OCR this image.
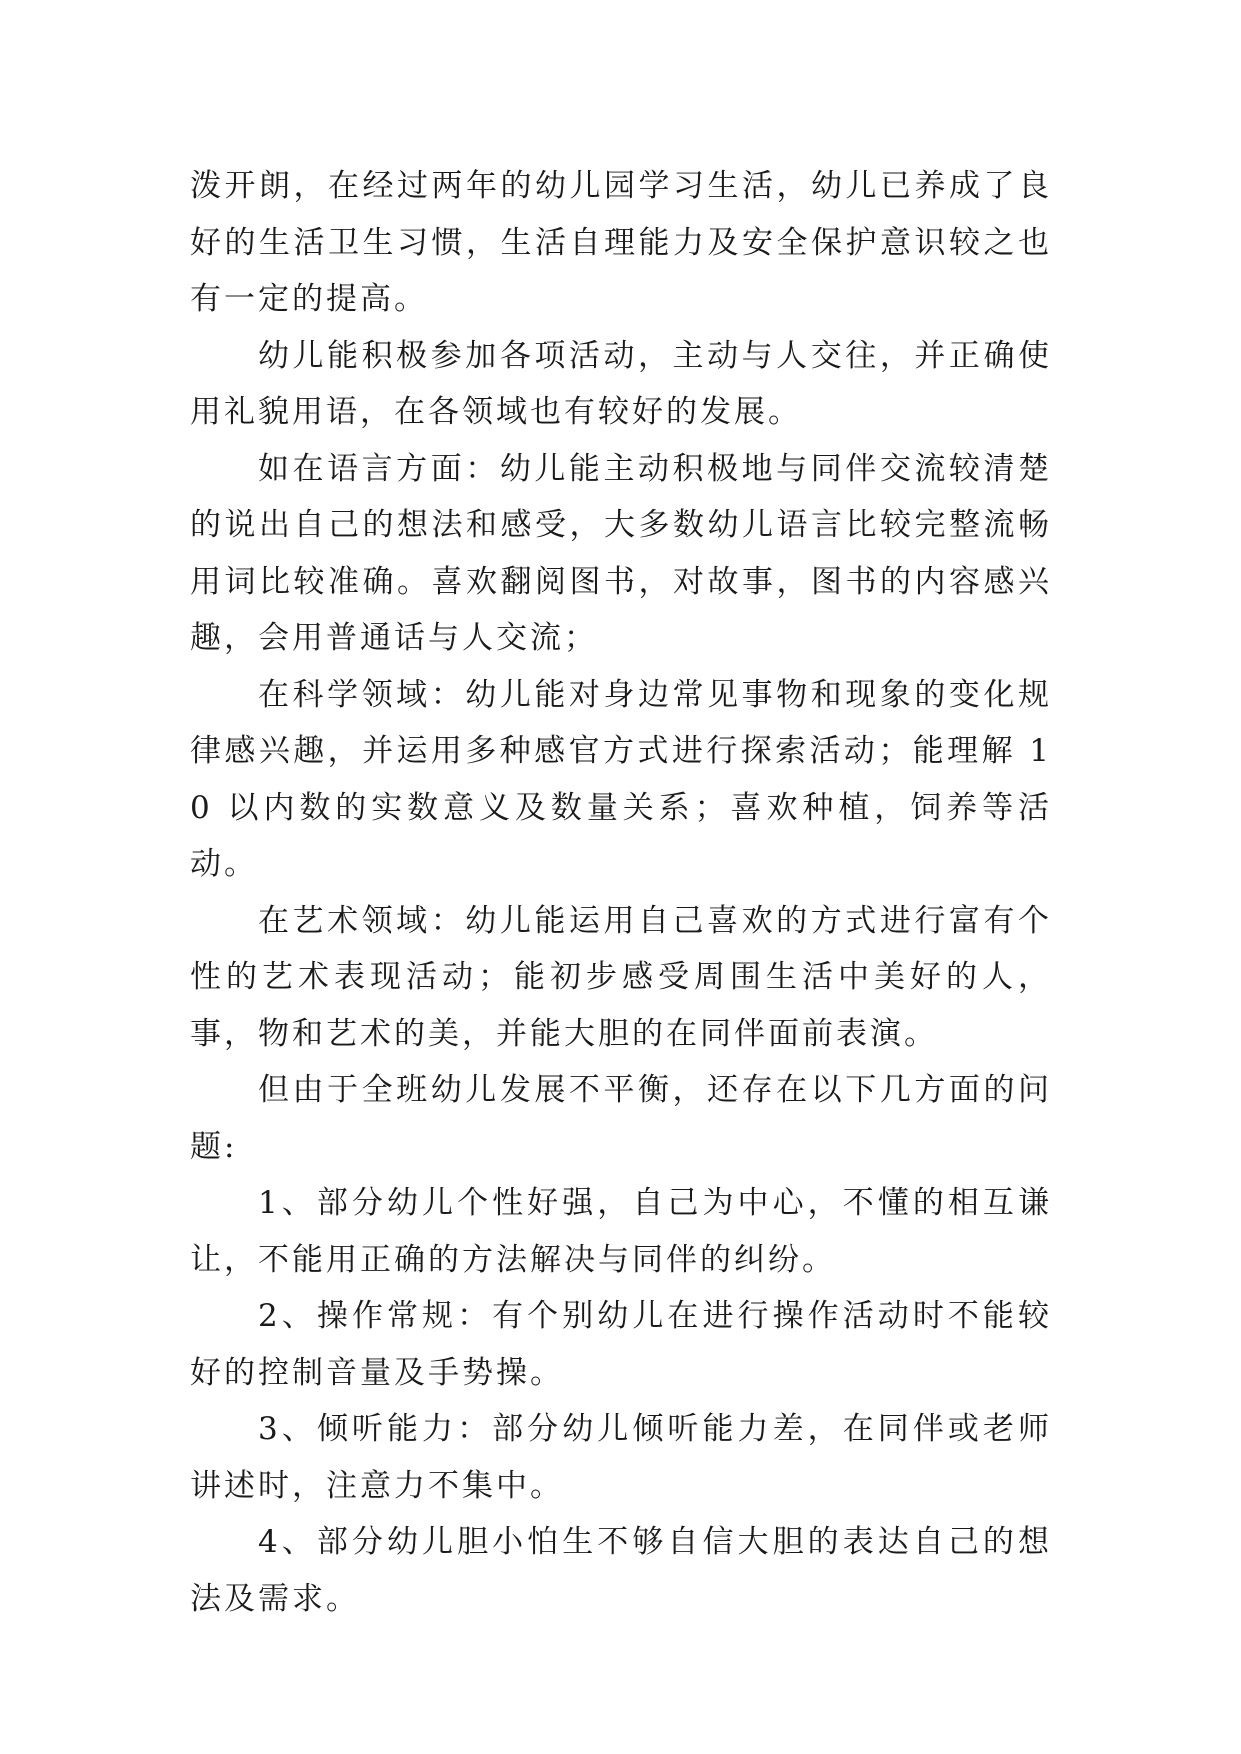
泼开朗，在经过两年的幼儿园学习生活，幼儿已养成了良好的生活卫生习惯，生活自理能力及安全保护意识较之也有一定的提高。

幼儿能积极参加各项活动，主动与人交往，并正确使用礼貌用语，在各领域也有较好的发展。

如在语言方面：幼儿能主动积极地与同伴交流较清楚的说出自己的想法和感受，大多数幼儿语言比较完整流畅用词比较准确。喜欢翻阅图书，对故事，图书的内容感兴趣，会用普通话与人交流；

在科学领域：幼儿能对身边常见事物和现象的变化规律感兴趣，并运用多种感官方式进行探索活动；能理解 10 以内数的实数意义及数量关系；喜欢种植，饲养等活动。

在艺术领域：幼儿能运用自己喜欢的方式进行富有个性的艺术表现活动；能初步感受周围生活中美好的人，事，物和艺术的美，并能大胆的在同伴面前表演。

但由于全班幼儿发展不平衡，还存在以下几方面的问题:

1、部分幼儿个性好强，自己为中心，不懂的相互谦让，不能用正确的方法解决与同伴的纠纷。

2、操作常规：有个别幼儿在进行操作活动时不能较好的控制音量及手势操。

3、倾听能力：部分幼儿倾听能力差，在同伴或老师讲述时，注意力不集中。

4、部分幼儿胆小怕生不够自信大胆的表达自己的想法及需求。
